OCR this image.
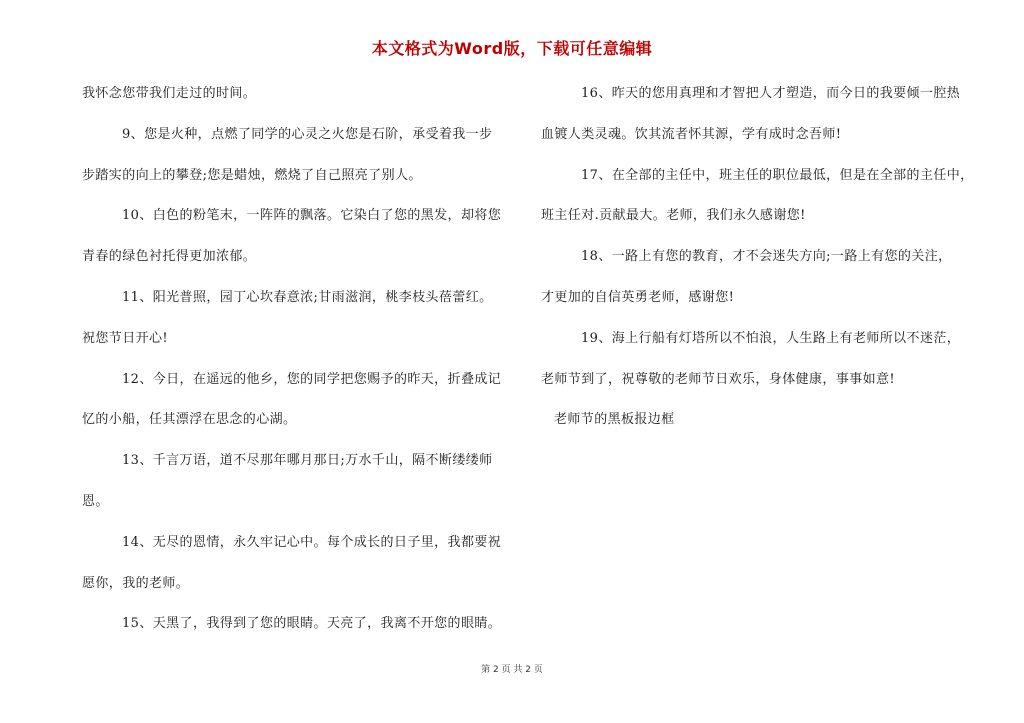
本文格式为Word版，下载可任意编辑
我怀念您带我们走过的时间。
9、您是火种，点燃了同学的心灵之火您是石阶，承受着我一步
步踏实的向上的攀登;您是蜡烛，燃烧了自己照亮了别人。
10、白色的粉笔末，一阵阵的飘落。它染白了您的黑发，却将您
青春的绿色衬托得更加浓郁。
11、阳光普照，园丁心坎春意浓;甘雨滋润，桃李枝头蓓蕾红。
祝您节日开心!
12、今日，在遥远的他乡，您的同学把您赐予的昨天，折叠成记
忆的小船，任其漂浮在思念的心湖。
13、千言万语，道不尽那年哪月那日;万水千山，隔不断缕缕师
恩。
14、无尽的恩情，永久牢记心中。每个成长的日子里，我都要祝
愿你，我的老师。
15、天黑了，我得到了您的眼睛。天亮了，我离不开您的眼睛。
16、昨天的您用真理和才智把人才塑造，而今日的我要倾一腔热
血镀人类灵魂。饮其流者怀其源，学有成时念吾师!
17、在全部的主任中，班主任的职位最低，但是在全部的主任中，
班主任对.贡献最大。老师，我们永久感谢您!
18、一路上有您的教育，才不会迷失方向;一路上有您的关注，
才更加的自信英勇老师，感谢您!
19、海上行船有灯塔所以不怕浪，人生路上有老师所以不迷茫，
老师节到了，祝尊敬的老师节日欢乐，身体健康，事事如意!
老师节的黑板报边框
第 2 页 共 2 页
